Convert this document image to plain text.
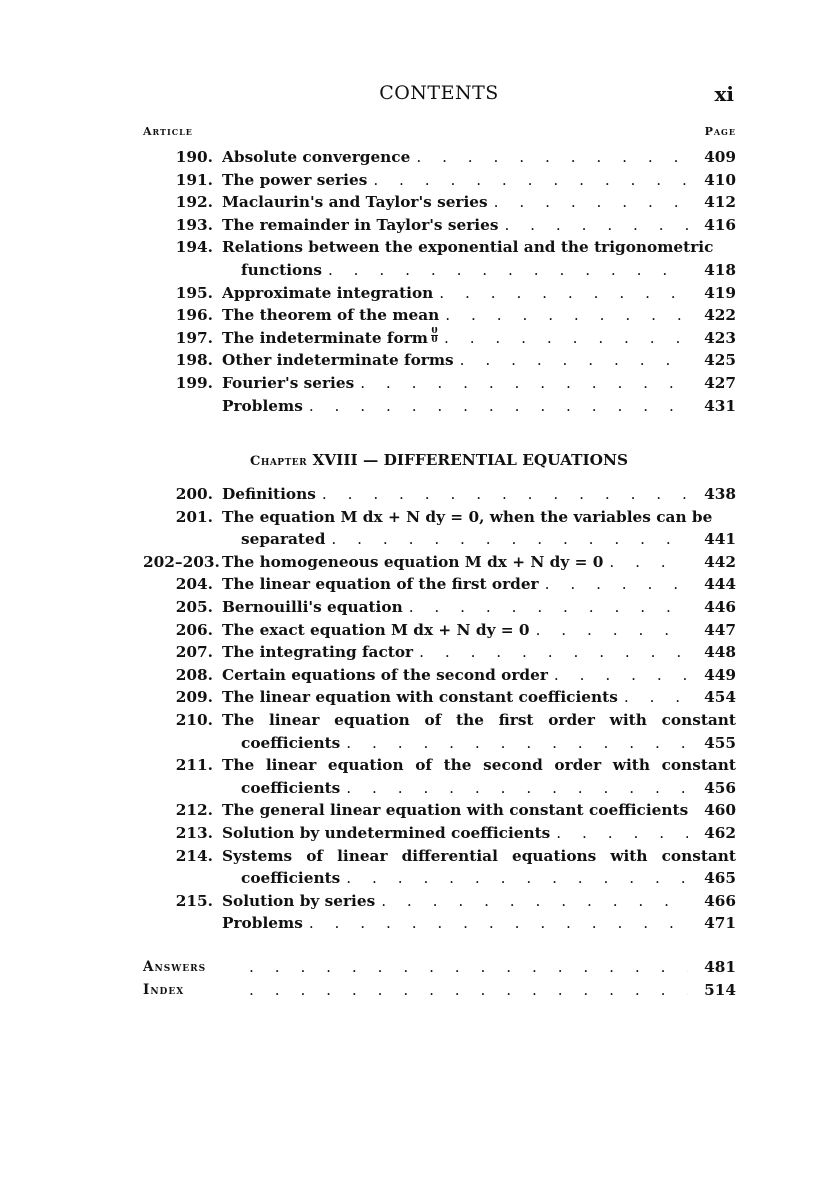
CONTENTS	xi
Article	Page
190. Absolute convergence . . .	409
191. The power series . . .	410
192. Maclaurin's and Taylor's series . . .	412
193. The remainder in Taylor's series . . .	416
194. Relations between the exponential and the trigonometric
functions . . .	418
195. Approximate integration . . .	419
196. The theorem of the mean . . .	422
197. The indeterminate form $\frac{0}{0}$ . . .	423
198. Other indeterminate forms . . .	425
199. Fourier's series . . .	427
Problems . . .	431
Chapter XVIII — DIFFERENTIAL EQUATIONS
200. Definitions . . .	438
201. The equation M dx + N dy = 0, when the variables can be
separated . . .	441
202–203. The homogeneous equation M dx + N dy = 0 . . .	442
204. The linear equation of the first order . . .	444
205. Bernouilli's equation . . .	446
206. The exact equation M dx + N dy = 0 . . .	447
207. The integrating factor . . .	448
208. Certain equations of the second order . . .	449
209. The linear equation with constant coefficients . . .	454
210. The linear equation of the first order with constant
coefficients . . .	455
211. The linear equation of the second order with constant
coefficients . . .	456
212. The general linear equation with constant coefficients	460
213. Solution by undetermined coefficients . . .	462
214. Systems of linear differential equations with constant
coefficients . . .	465
215. Solution by series . . .	466
Problems . . .	471
Answers . . .	481
Index . . .	514
